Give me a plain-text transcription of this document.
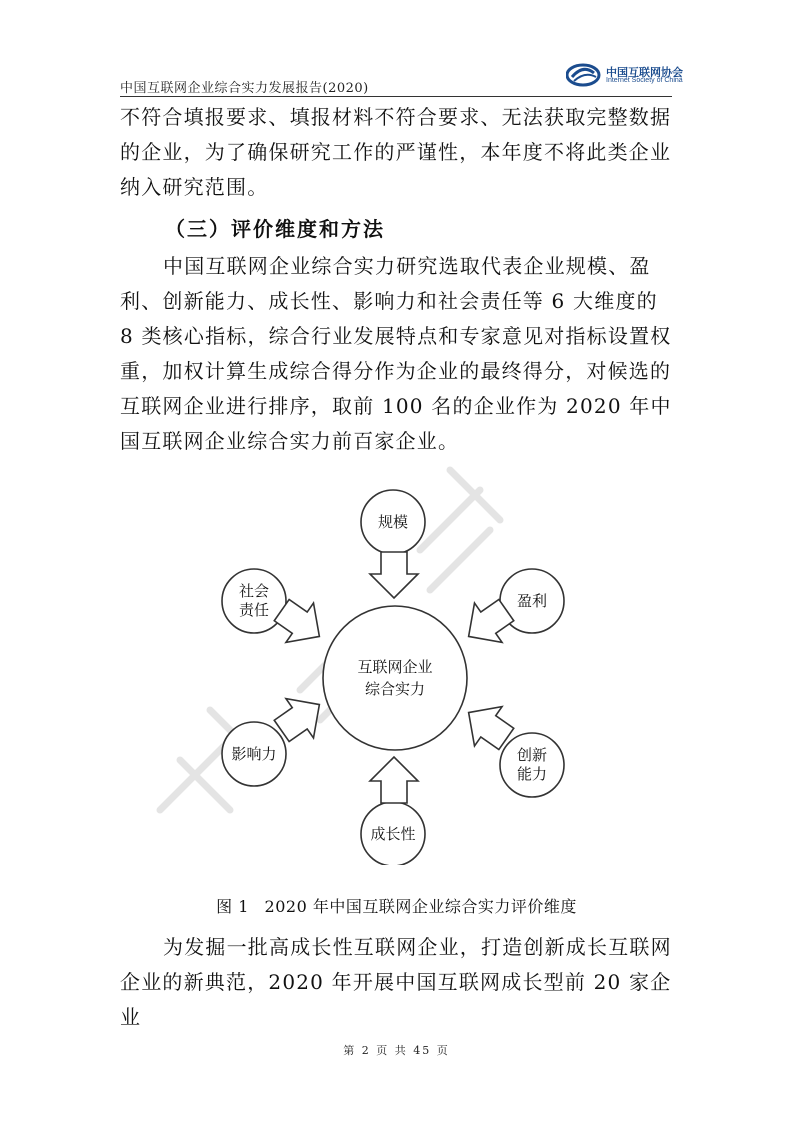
中国互联网企业综合实力发展报告(2020)
中国互联网协会
Internet Society of China

不符合填报要求、填报材料不符合要求、无法获取完整数据的企业，为了确保研究工作的严谨性，本年度不将此类企业纳入研究范围。

（三）评价维度和方法

中国互联网企业综合实力研究选取代表企业规模、盈利、创新能力、成长性、影响力和社会责任等 6 大维度的 8 类核心指标，综合行业发展特点和专家意见对指标设置权重，加权计算生成综合得分作为企业的最终得分，对候选的互联网企业进行排序，取前 100 名的企业作为 2020 年中国互联网企业综合实力前百家企业。

互联网企业
综合实力
规模
盈利
创新
能力
成长性
影响力
社会
责任
图 1 2020 年中国互联网企业综合实力评价维度

为发掘一批高成长性互联网企业，打造创新成长互联网企业的新典范，2020 年开展中国互联网成长型前 20 家企业

第 2 页 共 45 页
